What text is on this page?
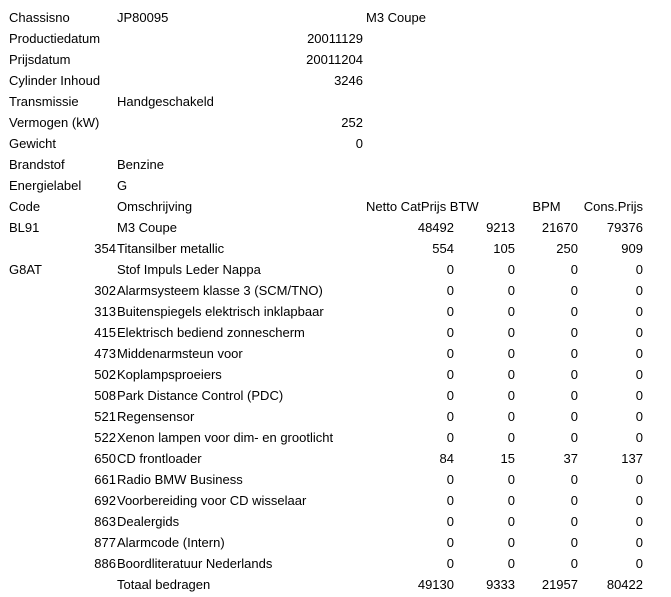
Chassisno	JP80095	M3 Coupe
Productiedatum	20011129
Prijsdatum	20011204
Cylinder Inhoud	3246
Transmissie	Handgeschakeld
Vermogen (kW)	252
Gewicht	0
Brandstof	Benzine
Energielabel	G
Code	Omschrijving	Netto CatPrijs BTW	BPM	Cons.Prijs
BL91	M3 Coupe	48492	9213	21670	79376
354 Titansilber metallic	554	105	250	909
G8AT	Stof Impuls Leder Nappa	0	0	0	0
302 Alarmsysteem klasse 3 (SCM/TNO)	0	0	0	0
313 Buitenspiegels elektrisch inklapbaar	0	0	0	0
415 Elektrisch bediend zonnescherm	0	0	0	0
473 Middenarmsteun voor	0	0	0	0
502 Koplampsproeiers	0	0	0	0
508 Park Distance Control (PDC)	0	0	0	0
521 Regensensor	0	0	0	0
522 Xenon lampen voor dim- en grootlicht	0	0	0	0
650 CD frontloader	84	15	37	137
661 Radio BMW Business	0	0	0	0
692 Voorbereiding voor CD wisselaar	0	0	0	0
863 Dealergids	0	0	0	0
877 Alarmcode (Intern)	0	0	0	0
886 Boordliteratuur Nederlands	0	0	0	0
Totaal bedragen	49130	9333	21957	80422
